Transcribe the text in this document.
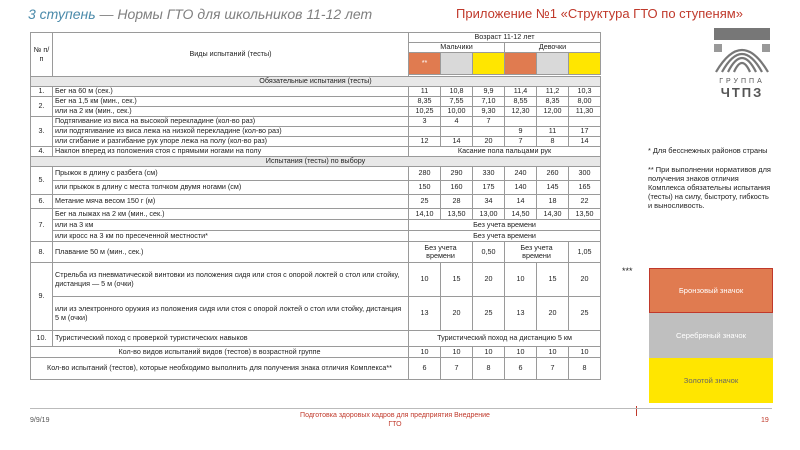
3 ступень — Нормы ГТО для школьников 11-12 лет	Приложение №1 «Структура ГТО по ступеням»
ГРУППА
ЧТПЗ
№ п/п	Виды испытаний (тесты)	Возраст 11-12 лет					
		Мальчики			Девочки		
		**					

Обязательные испытания (тесты)							
1.	Бег на 60 м (сек.)	11	10,8	9,9	11,4	11,2	10,3
2.	Бег на 1,5 км (мин., сек.)	8,35	7,55	7,10	8,55	8,35	8,00
	или на 2 км (мин., сек.)	10,25	10,00	9,30	12,30	12,00	11,30
3.	Подтягивание из виса на высокой перекладине (кол-во раз)	3	4	7			
	или подтягивание из виса лежа на низкой перекладине (кол-во раз)				9	11	17
	или сгибание и разгибание рук упоре лежа на полу (кол-во раз)	12	14	20	7	8	14
4.	Наклон вперед из положения стоя с прямыми ногами на полу	Касание пола пальцами рук					
Испытания (тесты) по выбору							
5.	Прыжок в длину с разбега (см)	280	290	330	240	260	300
	или прыжок в длину с места толчком двумя ногами (см)	150	160	175	140	145	165
6.	Метание мяча весом 150 г (м)	25	28	34	14	18	22
7.	Бег на лыжах на 2 км (мин., сек.)	14,10	13,50	13,00	14,50	14,30	13,50
	или на 3 км	Без учета времени					
	или кросс на 3 км по пресеченной местности*	Без учета времени					
8.	Плавание 50 м (мин., сек.)	Без учета времени		0,50	Без учета времени		1,05
9.	Стрельба из пневматической винтовки из положения сидя или стоя с опорой локтей о стол или стойку, дистанция — 5 м (очки)	10	15	20	10	15	20
	или из электронного оружия из положения сидя или стоя с опорой локтей о стол или стойку, дистанция 5 м (очки)	13	20	25	13	20	25
10.	Туристический поход с проверкой туристических навыков	Туристический поход на дистанцию 5 км					
Кол-во видов испытаний видов (тестов) в возрастной группе		10	10	10	10	10	10
Кол-во испытаний (тестов), которые необходимо выполнить для получения знака отличия Комплекса**		6	7	8	6	7	8

* Для бесснежных районов страны

** При выполнении нормативов для получения знаков отличия Комплекса обязательны испытания (тесты) на силу, быстроту, гибкость и выносливость.

***
Бронзовый значок
Серебряный значок
Золотой значок
9/9/19
Подготовка здоровых кадров для предприятия Внедрение ГТО
19
